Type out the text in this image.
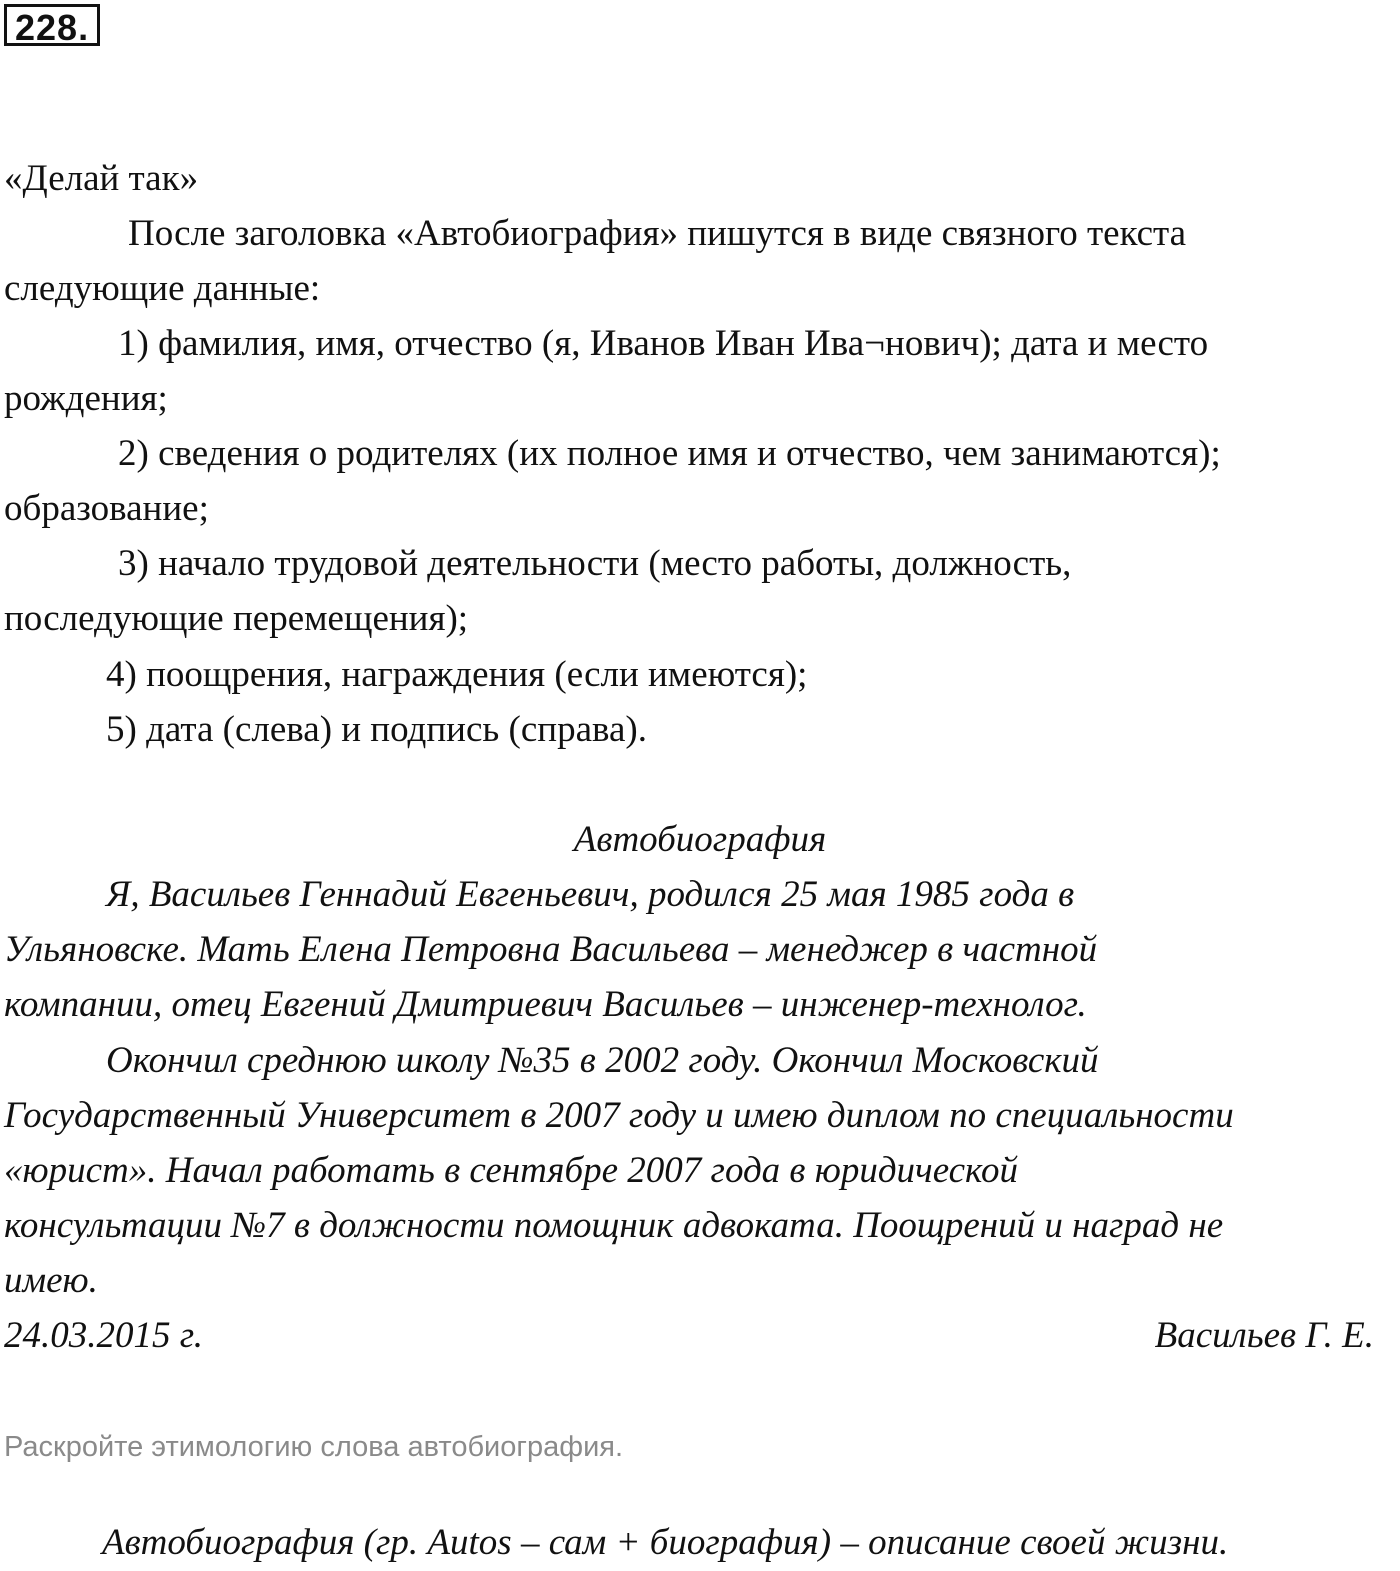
228.
«Делай так»
После заголовка «Автобиография» пишутся в виде связного текста
следующие данные:
1) фамилия, имя, отчество (я, Иванов Иван Ива¬нович); дата и место
рождения;
2) сведения о родителях (их полное имя и отчество, чем занимаются);
образование;
3) начало трудовой деятельности (место работы, должность,
последующие перемещения);
4) поощрения, награждения (если имеются);
5) дата (слева) и подпись (справа).
Автобиография
Я, Васильев Геннадий Евгеньевич, родился 25 мая 1985 года в
Ульяновске. Мать Елена Петровна Васильева – менеджер в частной
компании, отец Евгений Дмитриевич Васильев – инженер-технолог.
Окончил среднюю школу №35 в 2002 году. Окончил Московский
Государственный Университет в 2007 году и имею диплом по специальности
«юрист». Начал работать в сентябре 2007 года в юридической
консультации №7 в должности помощник адвоката. Поощрений и наград не
имею.
24.03.2015 г.	Васильев Г. Е.
Раскройте этимологию слова автобиография.
Автобиография (гр. Autos – сам + биография) – описание своей жизни.
